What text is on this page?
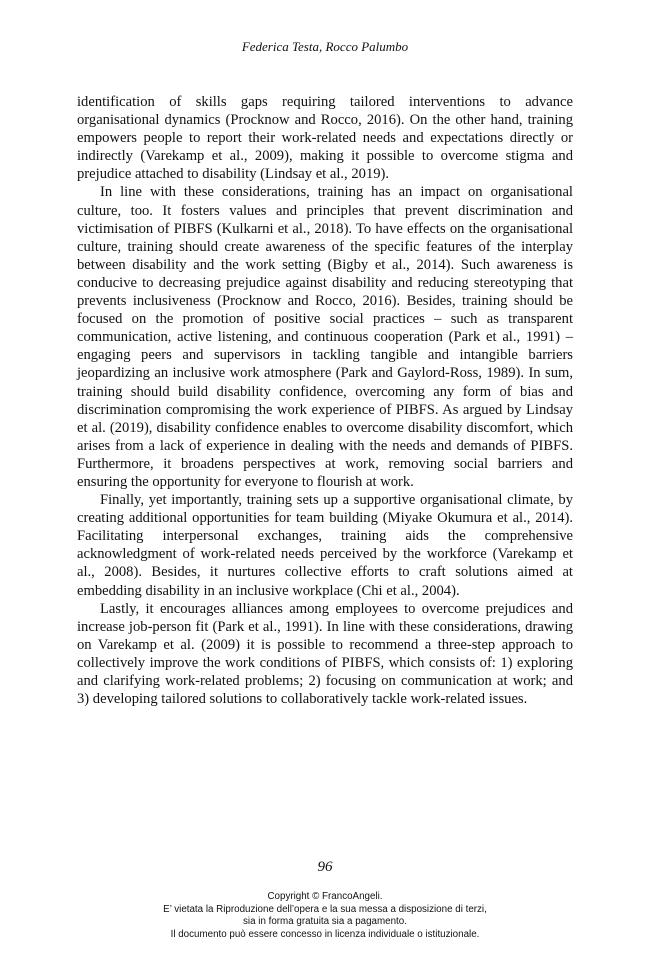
Federica Testa, Rocco Palumbo

identification of skills gaps requiring tailored interventions to advance organisational dynamics (Procknow and Rocco, 2016). On the other hand, training empowers people to report their work-related needs and expectations directly or indirectly (Varekamp et al., 2009), making it possible to overcome stigma and prejudice attached to disability (Lindsay et al., 2019).

In line with these considerations, training has an impact on organisational culture, too. It fosters values and principles that prevent discrimination and victimisation of PIBFS (Kulkarni et al., 2018). To have effects on the organisational culture, training should create awareness of the specific features of the interplay between disability and the work setting (Bigby et al., 2014). Such awareness is conducive to decreasing prejudice against disability and reducing stereotyping that prevents inclusiveness (Procknow and Rocco, 2016). Besides, training should be focused on the promotion of positive social practices – such as transparent communication, active listening, and continuous cooperation (Park et al., 1991) – engaging peers and supervisors in tackling tangible and intangible barriers jeopardizing an inclusive work atmosphere (Park and Gaylord-Ross, 1989). In sum, training should build disability confidence, overcoming any form of bias and discrimination compromising the work experience of PIBFS. As argued by Lindsay et al. (2019), disability confidence enables to overcome disability discomfort, which arises from a lack of experience in dealing with the needs and demands of PIBFS. Furthermore, it broadens perspectives at work, removing social barriers and ensuring the opportunity for everyone to flourish at work.

Finally, yet importantly, training sets up a supportive organisational climate, by creating additional opportunities for team building (Miyake Okumura et al., 2014). Facilitating interpersonal exchanges, training aids the comprehensive acknowledgment of work-related needs perceived by the workforce (Varekamp et al., 2008). Besides, it nurtures collective efforts to craft solutions aimed at embedding disability in an inclusive workplace (Chi et al., 2004).

Lastly, it encourages alliances among employees to overcome prejudices and increase job-person fit (Park et al., 1991). In line with these considerations, drawing on Varekamp et al. (2009) it is possible to recommend a three-step approach to collectively improve the work conditions of PIBFS, which consists of: 1) exploring and clarifying work-related problems; 2) focusing on communication at work; and 3) developing tailored solutions to collaboratively tackle work-related issues.

96
Copyright © FrancoAngeli.
E’ vietata la Riproduzione dell’opera e la sua messa a disposizione di terzi,
sia in forma gratuita sia a pagamento.
Il documento può essere concesso in licenza individuale o istituzionale.
